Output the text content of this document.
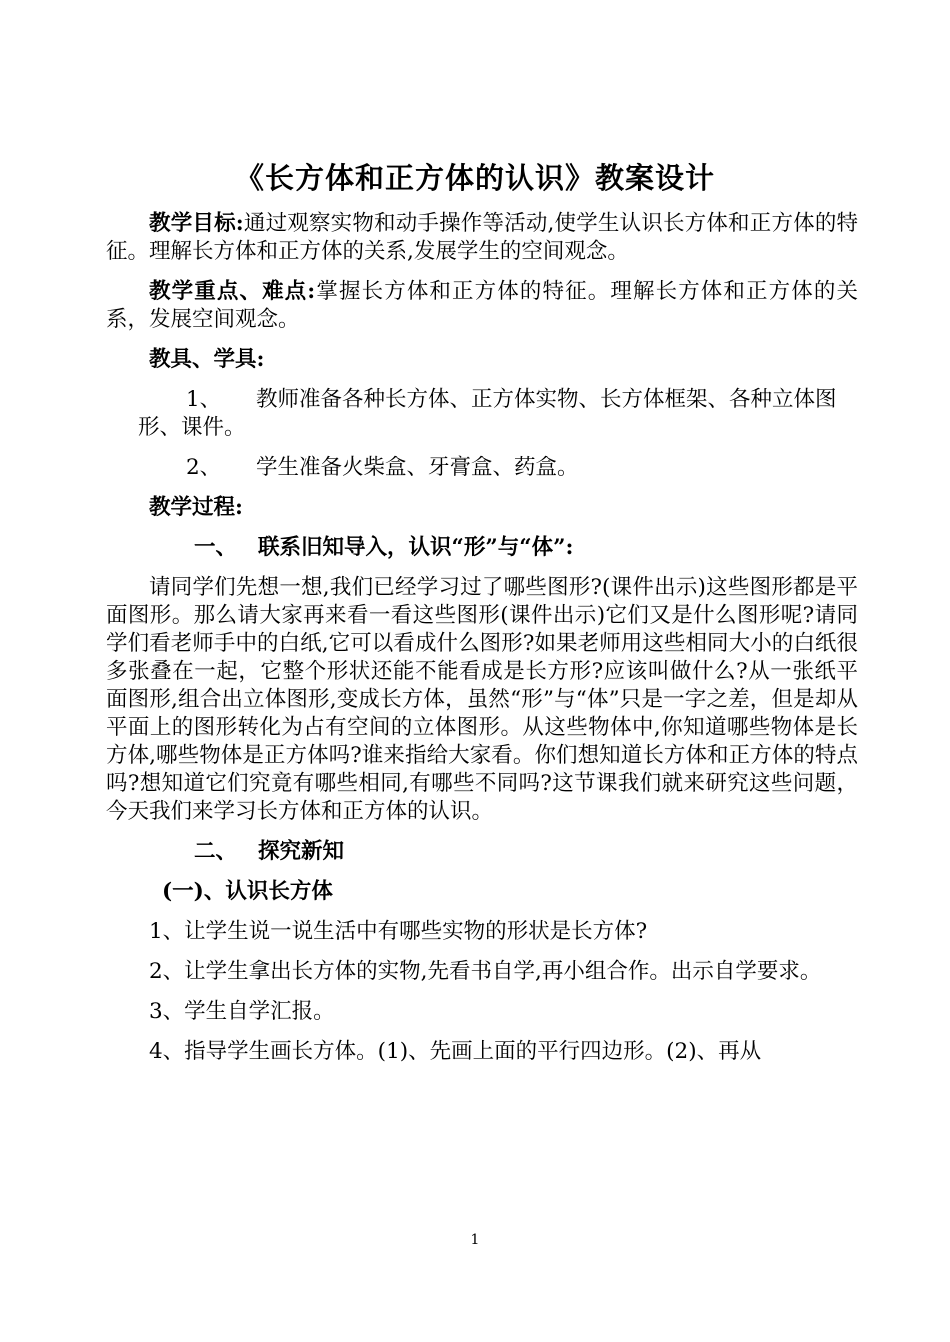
《长方体和正方体的认识》教案设计

教学目标:通过观察实物和动手操作等活动,使学生认识长方体和正方体的特征。理解长方体和正方体的关系,发展学生的空间观念。

教学重点、难点:掌握长方体和正方体的特征。理解长方体和正方体的关系，发展空间观念。

教具、学具:

1、 教师准备各种长方体、正方体实物、长方体框架、各种立体图形、课件。

2、 学生准备火柴盒、牙膏盒、药盒。

教学过程:

一、 联系旧知导入，认识“形”与“体”:

请同学们先想一想,我们已经学习过了哪些图形?(课件出示)这些图形都是平面图形。那么请大家再来看一看这些图形(课件出示)它们又是什么图形呢?请同学们看老师手中的白纸,它可以看成什么图形?如果老师用这些相同大小的白纸很多张叠在一起，它整个形状还能不能看成是长方形?应该叫做什么?从一张纸平面图形,组合出立体图形,变成长方体，虽然“形”与“体”只是一字之差，但是却从平面上的图形转化为占有空间的立体图形。从这些物体中,你知道哪些物体是长方体,哪些物体是正方体吗?谁来指给大家看。你们想知道长方体和正方体的特点吗?想知道它们究竟有哪些相同,有哪些不同吗?这节课我们就来研究这些问题，今天我们来学习长方体和正方体的认识。

二、 探究新知

(一)、认识长方体

1、让学生说一说生活中有哪些实物的形状是长方体?

2、让学生拿出长方体的实物,先看书自学,再小组合作。出示自学要求。

3、学生自学汇报。

4、指导学生画长方体。(1)、先画上面的平行四边形。(2)、再从

1
